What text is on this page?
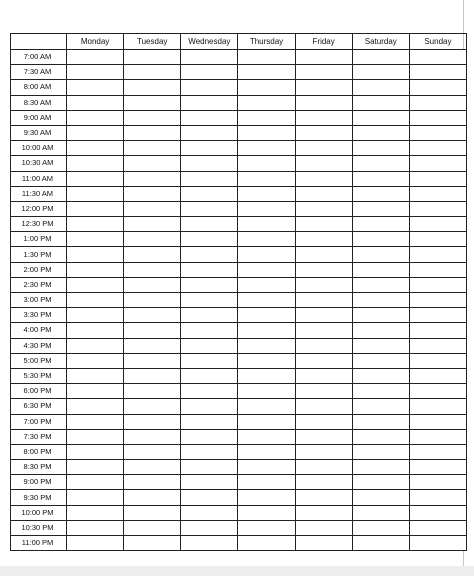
	Monday	Tuesday	Wednesday	Thursday	Friday	Saturday	Sunday
7:00 AM							
7:30 AM							
8:00 AM							
8:30 AM							
9:00 AM							
9:30 AM							
10:00 AM							
10:30 AM							
11:00 AM							
11:30 AM							
12:00 PM							
12:30 PM							
1:00 PM							
1:30 PM							
2:00 PM							
2:30 PM							
3:00 PM							
3:30 PM							
4:00 PM							
4:30 PM							
5:00 PM							
5:30 PM							
6:00 PM							
6:30 PM							
7:00 PM							
7:30 PM							
8:00 PM							
8:30 PM							
9:00 PM							
9:30 PM							
10:00 PM							
10:30 PM							
11:00 PM							
